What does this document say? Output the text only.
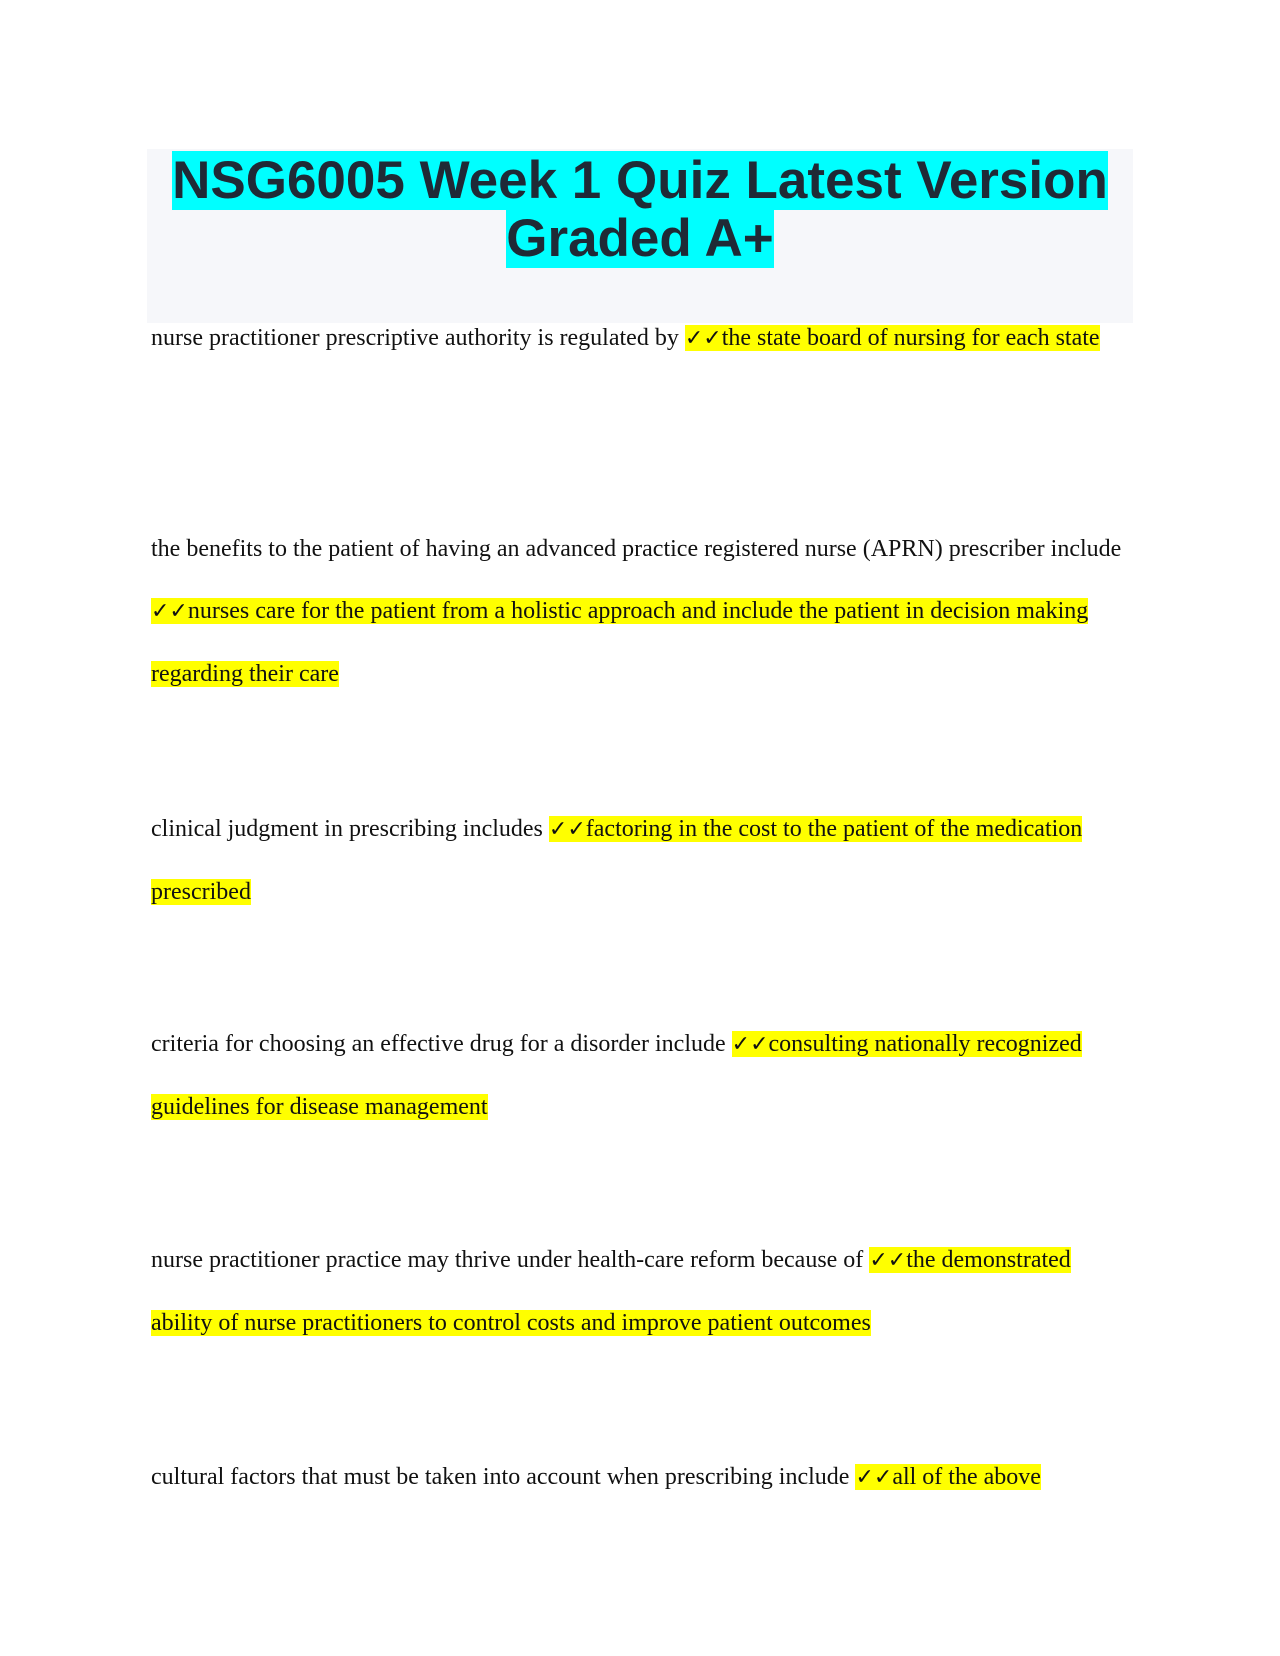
NSG6005 Week 1 Quiz Latest Version Graded A+

nurse practitioner prescriptive authority is regulated by ✓✓the state board of nursing for each state

the benefits to the patient of having an advanced practice registered nurse (APRN) prescriber include ✓✓nurses care for the patient from a holistic approach and include the patient in decision making regarding their care

clinical judgment in prescribing includes ✓✓factoring in the cost to the patient of the medication prescribed

criteria for choosing an effective drug for a disorder include ✓✓consulting nationally recognized guidelines for disease management

nurse practitioner practice may thrive under health-care reform because of ✓✓the demonstrated ability of nurse practitioners to control costs and improve patient outcomes

cultural factors that must be taken into account when prescribing include ✓✓all of the above
